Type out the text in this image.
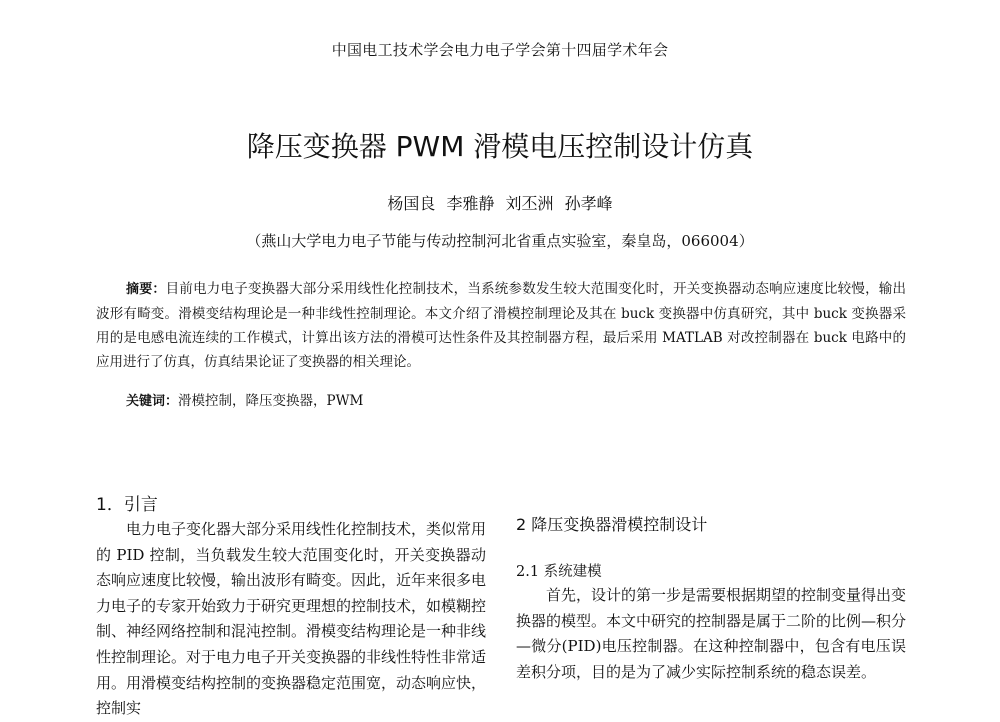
中国电工技术学会电力电子学会第十四届学术年会
降压变换器 PWM 滑模电压控制设计仿真
杨国良 李雅静 刘丕洲 孙孝峰
（燕山大学电力电子节能与传动控制河北省重点实验室，秦皇岛，066004）
摘要：目前电力电子变换器大部分采用线性化控制技术，当系统参数发生较大范围变化时，开关变换器动态响应速度比较慢，输出波形有畸变。滑模变结构理论是一种非线性控制理论。本文介绍了滑模控制理论及其在 buck 变换器中仿真研究，其中 buck 变换器采用的是电感电流连续的工作模式，计算出该方法的滑模可达性条件及其控制器方程，最后采用 MATLAB 对改控制器在 buck 电路中的应用进行了仿真，仿真结果论证了变换器的相关理论。
关键词：滑模控制，降压变换器，PWM
1．引言
电力电子变化器大部分采用线性化控制技术，类似常用的 PID 控制，当负载发生较大范围变化时，开关变换器动态响应速度比较慢，输出波形有畸变。因此，近年来很多电力电子的专家开始致力于研究更理想的控制技术，如模糊控制、神经网络控制和混沌控制。滑模变结构理论是一种非线性控制理论。对于电力电子开关变换器的非线性特性非常适用。用滑模变结构控制的变换器稳定范围宽，动态响应快，控制实
2 降压变换器滑模控制设计
2.1 系统建模
首先，设计的第一步是需要根据期望的控制变量得出变换器的模型。本文中研究的控制器是属于二阶的比例—积分—微分(PID)电压控制器。在这种控制器中，包含有电压误差积分项，目的是为了减少实际控制系统的稳态误差。
